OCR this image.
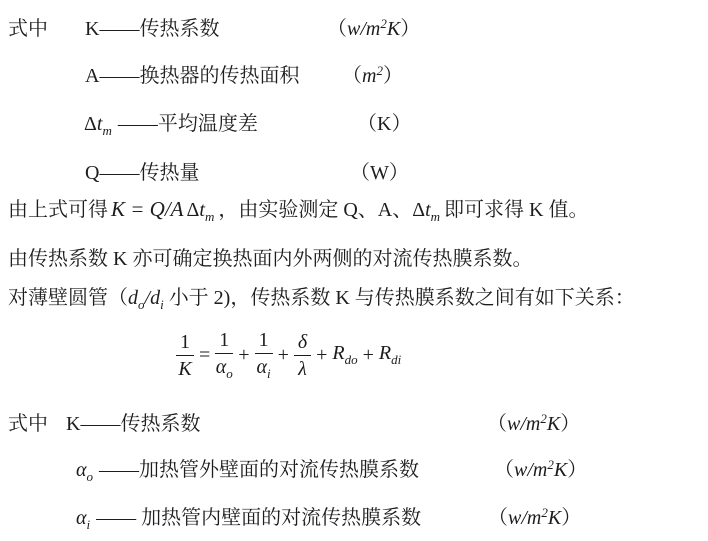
式中 K——传热系数	$(w/m^2K)$
A——换热器的传热面积 $(m^2)$
$\Delta t_m$ ——平均温度差	（K）
Q——传热量	（W）
由上式可得 K = Q/A $\Delta t_m$ ，由实验测定 Q、A、$\Delta t_m$ 即可求得 K 值。
由传热系数 K 亦可确定换热面内外两侧的对流传热膜系数。
对薄壁圆管（$d_o/d_i$ 小于 2)，传热系数 K 与传热膜系数之间有如下关系：
$\frac{1}{K} = \frac{1}{\alpha_o} + \frac{1}{\alpha_i} + \frac{\delta}{\lambda} + R_{do} + R_{di}$
式中 K——传热系数	$(w/m^2K)$
$\alpha_o$ ——加热管外壁面的对流传热膜系数	$(w/m^2K)$
$\alpha_i$ —— 加热管内壁面的对流传热膜系数	$(w/m^2K)$
